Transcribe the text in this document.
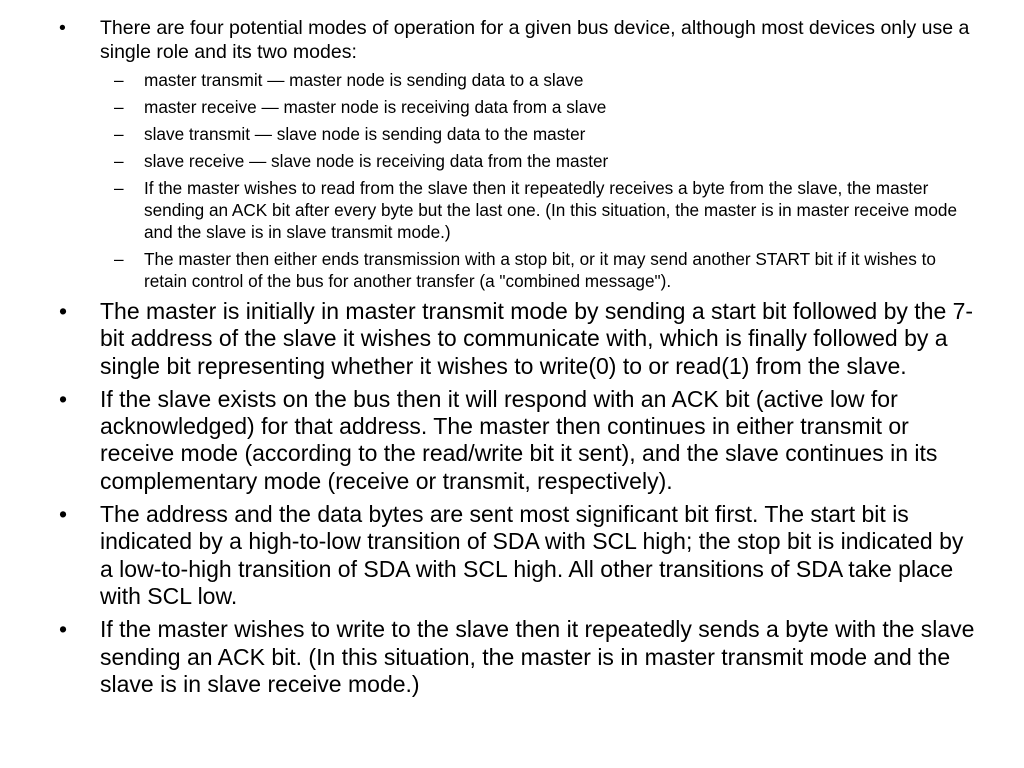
• There are four potential modes of operation for a given bus device, although most devices only use a single role and its two modes:
– master transmit — master node is sending data to a slave
– master receive — master node is receiving data from a slave
– slave transmit — slave node is sending data to the master
– slave receive — slave node is receiving data from the master
– If the master wishes to read from the slave then it repeatedly receives a byte from the slave, the master sending an ACK bit after every byte but the last one. (In this situation, the master is in master receive mode and the slave is in slave transmit mode.)
– The master then either ends transmission with a stop bit, or it may send another START bit if it wishes to retain control of the bus for another transfer (a "combined message").
• The master is initially in master transmit mode by sending a start bit followed by the 7-bit address of the slave it wishes to communicate with, which is finally followed by a single bit representing whether it wishes to write(0) to or read(1) from the slave.
• If the slave exists on the bus then it will respond with an ACK bit (active low for acknowledged) for that address. The master then continues in either transmit or receive mode (according to the read/write bit it sent), and the slave continues in its complementary mode (receive or transmit, respectively).
• The address and the data bytes are sent most significant bit first. The start bit is indicated by a high-to-low transition of SDA with SCL high; the stop bit is indicated by a low-to-high transition of SDA with SCL high. All other transitions of SDA take place with SCL low.
• If the master wishes to write to the slave then it repeatedly sends a byte with the slave sending an ACK bit. (In this situation, the master is in master transmit mode and the slave is in slave receive mode.)
